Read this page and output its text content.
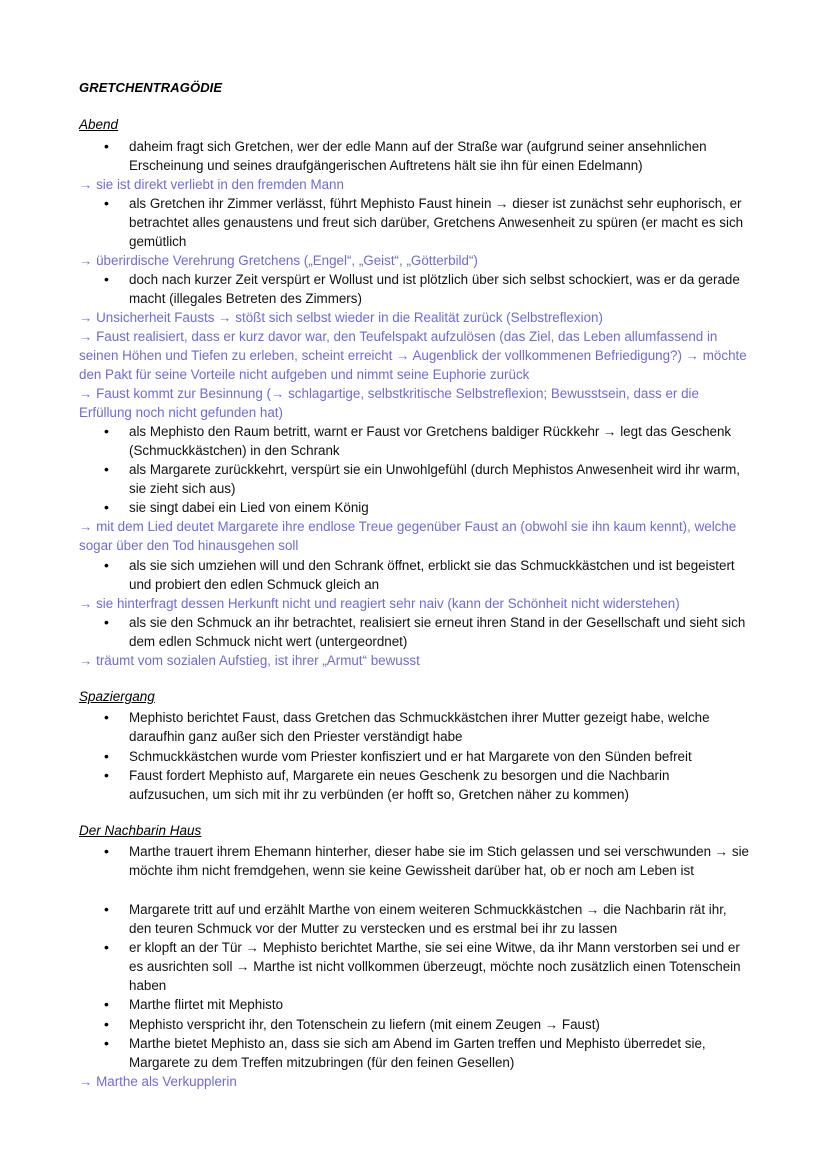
GRETCHENTRAGÖDIE
Abend
• daheim fragt sich Gretchen, wer der edle Mann auf der Straße war (aufgrund seiner ansehnlichen Erscheinung und seines draufgängerischen Auftretens hält sie ihn für einen Edelmann)
→ sie ist direkt verliebt in den fremden Mann
• als Gretchen ihr Zimmer verlässt, führt Mephisto Faust hinein → dieser ist zunächst sehr euphorisch, er betrachtet alles genaustens und freut sich darüber, Gretchens Anwesenheit zu spüren (er macht es sich gemütlich
→ überirdische Verehrung Gretchens („Engel“, „Geist“, „Götterbild“)
• doch nach kurzer Zeit verspürt er Wollust und ist plötzlich über sich selbst schockiert, was er da gerade macht (illegales Betreten des Zimmers)
→ Unsicherheit Fausts → stößt sich selbst wieder in die Realität zurück (Selbstreflexion)
→ Faust realisiert, dass er kurz davor war, den Teufelspakt aufzulösen (das Ziel, das Leben allumfassend in seinen Höhen und Tiefen zu erleben, scheint erreicht → Augenblick der vollkommenen Befriedigung?) → möchte den Pakt für seine Vorteile nicht aufgeben und nimmt seine Euphorie zurück
→ Faust kommt zur Besinnung (→ schlagartige, selbstkritische Selbstreflexion; Bewusstsein, dass er die Erfüllung noch nicht gefunden hat)
• als Mephisto den Raum betritt, warnt er Faust vor Gretchens baldiger Rückkehr → legt das Geschenk (Schmuckkästchen) in den Schrank
• als Margarete zurückkehrt, verspürt sie ein Unwohlgefühl (durch Mephistos Anwesenheit wird ihr warm, sie zieht sich aus)
• sie singt dabei ein Lied von einem König
→ mit dem Lied deutet Margarete ihre endlose Treue gegenüber Faust an (obwohl sie ihn kaum kennt), welche sogar über den Tod hinausgehen soll
• als sie sich umziehen will und den Schrank öffnet, erblickt sie das Schmuckkästchen und ist begeistert und probiert den edlen Schmuck gleich an
→ sie hinterfragt dessen Herkunft nicht und reagiert sehr naiv (kann der Schönheit nicht widerstehen)
• als sie den Schmuck an ihr betrachtet, realisiert sie erneut ihren Stand in der Gesellschaft und sieht sich dem edlen Schmuck nicht wert (untergeordnet)
→ träumt vom sozialen Aufstieg, ist ihrer „Armut“ bewusst
Spaziergang
• Mephisto berichtet Faust, dass Gretchen das Schmuckkästchen ihrer Mutter gezeigt habe, welche daraufhin ganz außer sich den Priester verständigt habe
• Schmuckkästchen wurde vom Priester konfisziert und er hat Margarete von den Sünden befreit
• Faust fordert Mephisto auf, Margarete ein neues Geschenk zu besorgen und die Nachbarin aufzusuchen, um sich mit ihr zu verbünden (er hofft so, Gretchen näher zu kommen)
Der Nachbarin Haus
• Marthe trauert ihrem Ehemann hinterher, dieser habe sie im Stich gelassen und sei verschwunden → sie möchte ihm nicht fremdgehen, wenn sie keine Gewissheit darüber hat, ob er noch am Leben ist
• Margarete tritt auf und erzählt Marthe von einem weiteren Schmuckkästchen → die Nachbarin rät ihr, den teuren Schmuck vor der Mutter zu verstecken und es erstmal bei ihr zu lassen
• er klopft an der Tür → Mephisto berichtet Marthe, sie sei eine Witwe, da ihr Mann verstorben sei und er es ausrichten soll → Marthe ist nicht vollkommen überzeugt, möchte noch zusätzlich einen Totenschein haben
• Marthe flirtet mit Mephisto
• Mephisto verspricht ihr, den Totenschein zu liefern (mit einem Zeugen → Faust)
• Marthe bietet Mephisto an, dass sie sich am Abend im Garten treffen und Mephisto überredet sie, Margarete zu dem Treffen mitzubringen (für den feinen Gesellen)
→ Marthe als Verkupplerin
